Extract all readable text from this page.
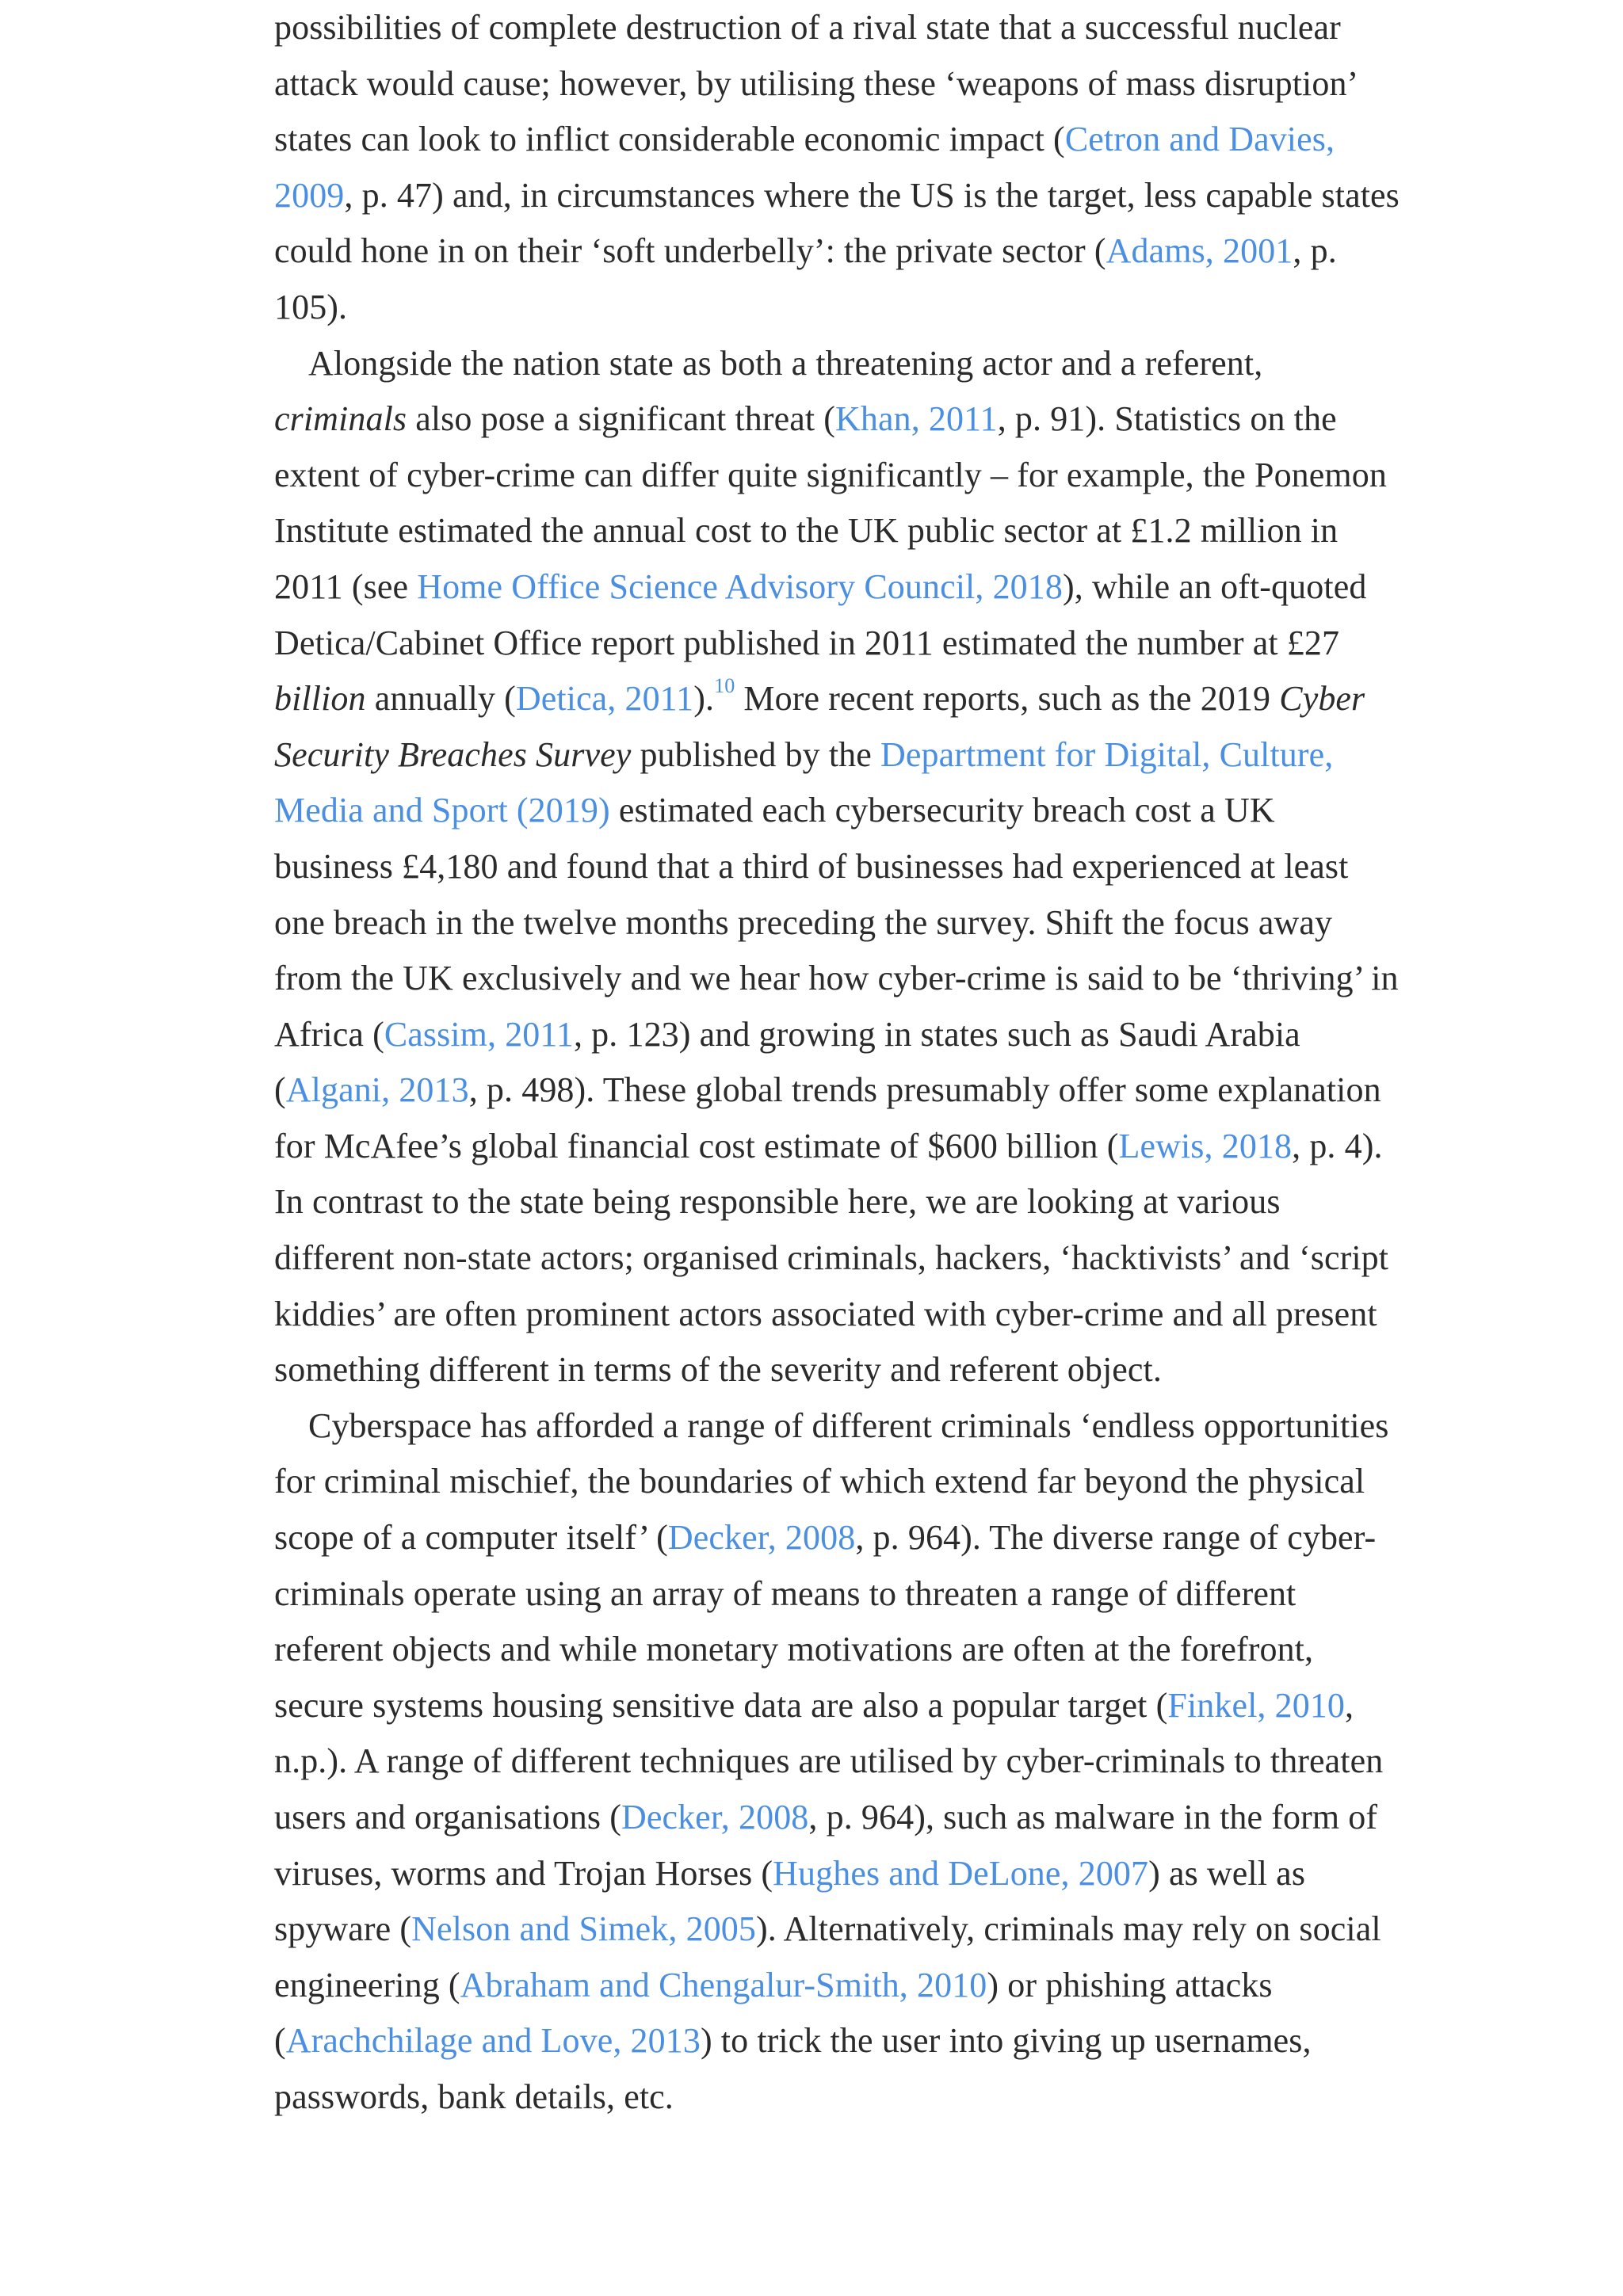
possibilities of complete destruction of a rival state that a successful nuclear attack would cause; however, by utilising these ‘weapons of mass disruption’ states can look to inflict considerable economic impact (Cetron and Davies, 2009, p. 47) and, in circumstances where the US is the target, less capable states could hone in on their ‘soft underbelly’: the private sector (Adams, 2001, p. 105).

Alongside the nation state as both a threatening actor and a referent, criminals also pose a significant threat (Khan, 2011, p. 91). Statistics on the extent of cyber-crime can differ quite significantly – for example, the Ponemon Institute estimated the annual cost to the UK public sector at £1.2 million in 2011 (see Home Office Science Advisory Council, 2018), while an oft-quoted Detica/Cabinet Office report published in 2011 estimated the number at £27 billion annually (Detica, 2011).$^{10}$ More recent reports, such as the 2019 Cyber Security Breaches Survey published by the Department for Digital, Culture, Media and Sport (2019) estimated each cybersecurity breach cost a UK business £4,180 and found that a third of businesses had experienced at least one breach in the twelve months preceding the survey. Shift the focus away from the UK exclusively and we hear how cyber-crime is said to be ‘thriving’ in Africa (Cassim, 2011, p. 123) and growing in states such as Saudi Arabia (Algani, 2013, p. 498). These global trends presumably offer some explanation for McAfee’s global financial cost estimate of $600 billion (Lewis, 2018, p. 4). In contrast to the state being responsible here, we are looking at various different non-state actors; organised criminals, hackers, ‘hacktivists’ and ‘script kiddies’ are often prominent actors associated with cyber-crime and all present something different in terms of the severity and referent object.

Cyberspace has afforded a range of different criminals ‘endless opportunities for criminal mischief, the boundaries of which extend far beyond the physical scope of a computer itself’ (Decker, 2008, p. 964). The diverse range of cyber-criminals operate using an array of means to threaten a range of different referent objects and while monetary motivations are often at the forefront, secure systems housing sensitive data are also a popular target (Finkel, 2010, n.p.). A range of different techniques are utilised by cyber-criminals to threaten users and organisations (Decker, 2008, p. 964), such as malware in the form of viruses, worms and Trojan Horses (Hughes and DeLone, 2007) as well as spyware (Nelson and Simek, 2005). Alternatively, criminals may rely on social engineering (Abraham and Chengalur-Smith, 2010) or phishing attacks (Arachchilage and Love, 2013) to trick the user into giving up usernames, passwords, bank details, etc.
